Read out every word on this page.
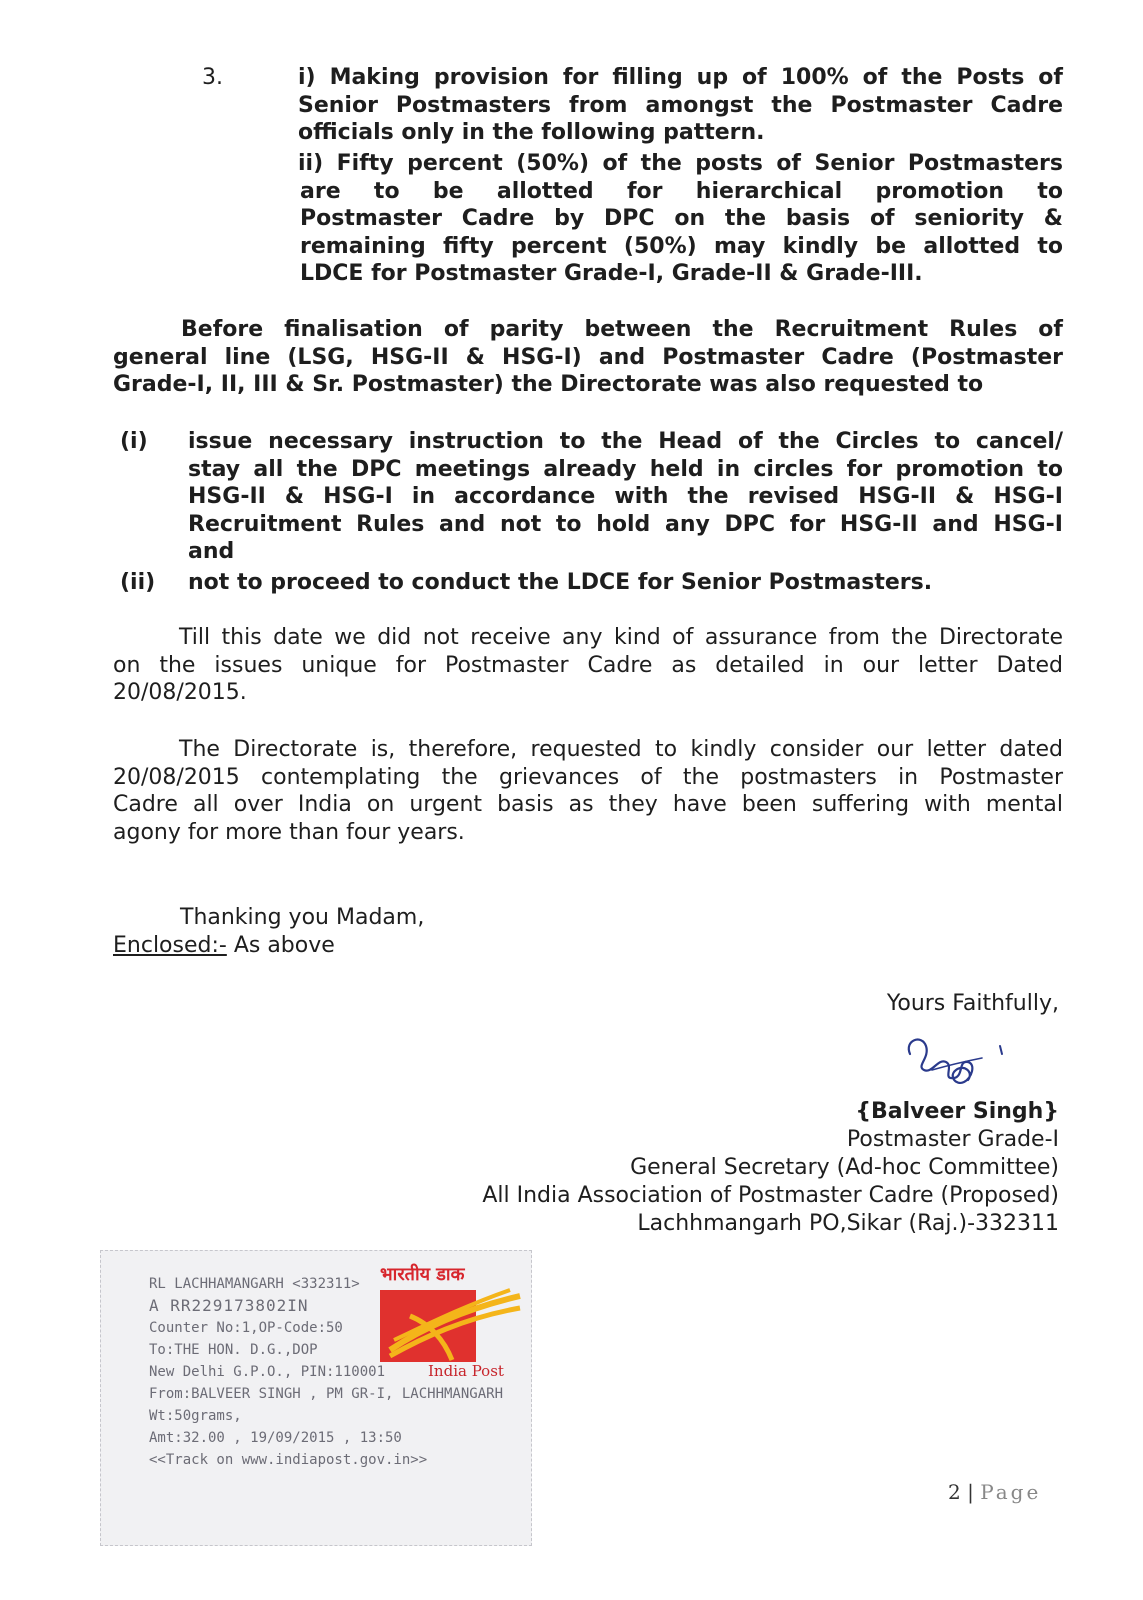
3.	i) Making provision for filling up of 100% of the Posts of
Senior Postmasters from amongst the Postmaster Cadre
officials only in the following pattern.
ii) Fifty percent (50%) of the posts of Senior Postmasters
are to be allotted for hierarchical promotion to
Postmaster Cadre by DPC on the basis of seniority &
remaining fifty percent (50%) may kindly be allotted to
LDCE for Postmaster Grade-I, Grade-II & Grade-III.
Before finalisation of parity between the Recruitment Rules of
general line (LSG, HSG-II & HSG-I) and Postmaster Cadre (Postmaster
Grade-I, II, III & Sr. Postmaster) the Directorate was also requested to
(i) issue necessary instruction to the Head of the Circles to cancel/
stay all the DPC meetings already held in circles for promotion to
HSG-II & HSG-I in accordance with the revised HSG-II & HSG-I
Recruitment Rules and not to hold any DPC for HSG-II and HSG-I
and
(ii) not to proceed to conduct the LDCE for Senior Postmasters.
Till this date we did not receive any kind of assurance from the Directorate
on the issues unique for Postmaster Cadre as detailed in our letter Dated
20/08/2015.
The Directorate is, therefore, requested to kindly consider our letter dated
20/08/2015 contemplating the grievances of the postmasters in Postmaster
Cadre all over India on urgent basis as they have been suffering with mental
agony for more than four years.
Thanking you Madam,
Enclosed:- As above
Yours Faithfully,
{Balveer Singh}
Postmaster Grade-I
General Secretary (Ad-hoc Committee)
All India Association of Postmaster Cadre (Proposed)
Lachhmangarh PO,Sikar (Raj.)-332311
RL LACHHAMANGARH <332311>
A RR229173802IN
Counter No:1,OP-Code:50
To:THE HON. D.G.,DOP
New Delhi G.P.O., PIN:110001
From:BALVEER SINGH , PM GR-I, LACHHMANGARH
Wt:50grams,
Amt:32.00 , 19/09/2015 , 13:50
<<Track on www.indiapost.gov.in>>
भारतीय डाक
India Post
2 | Page
